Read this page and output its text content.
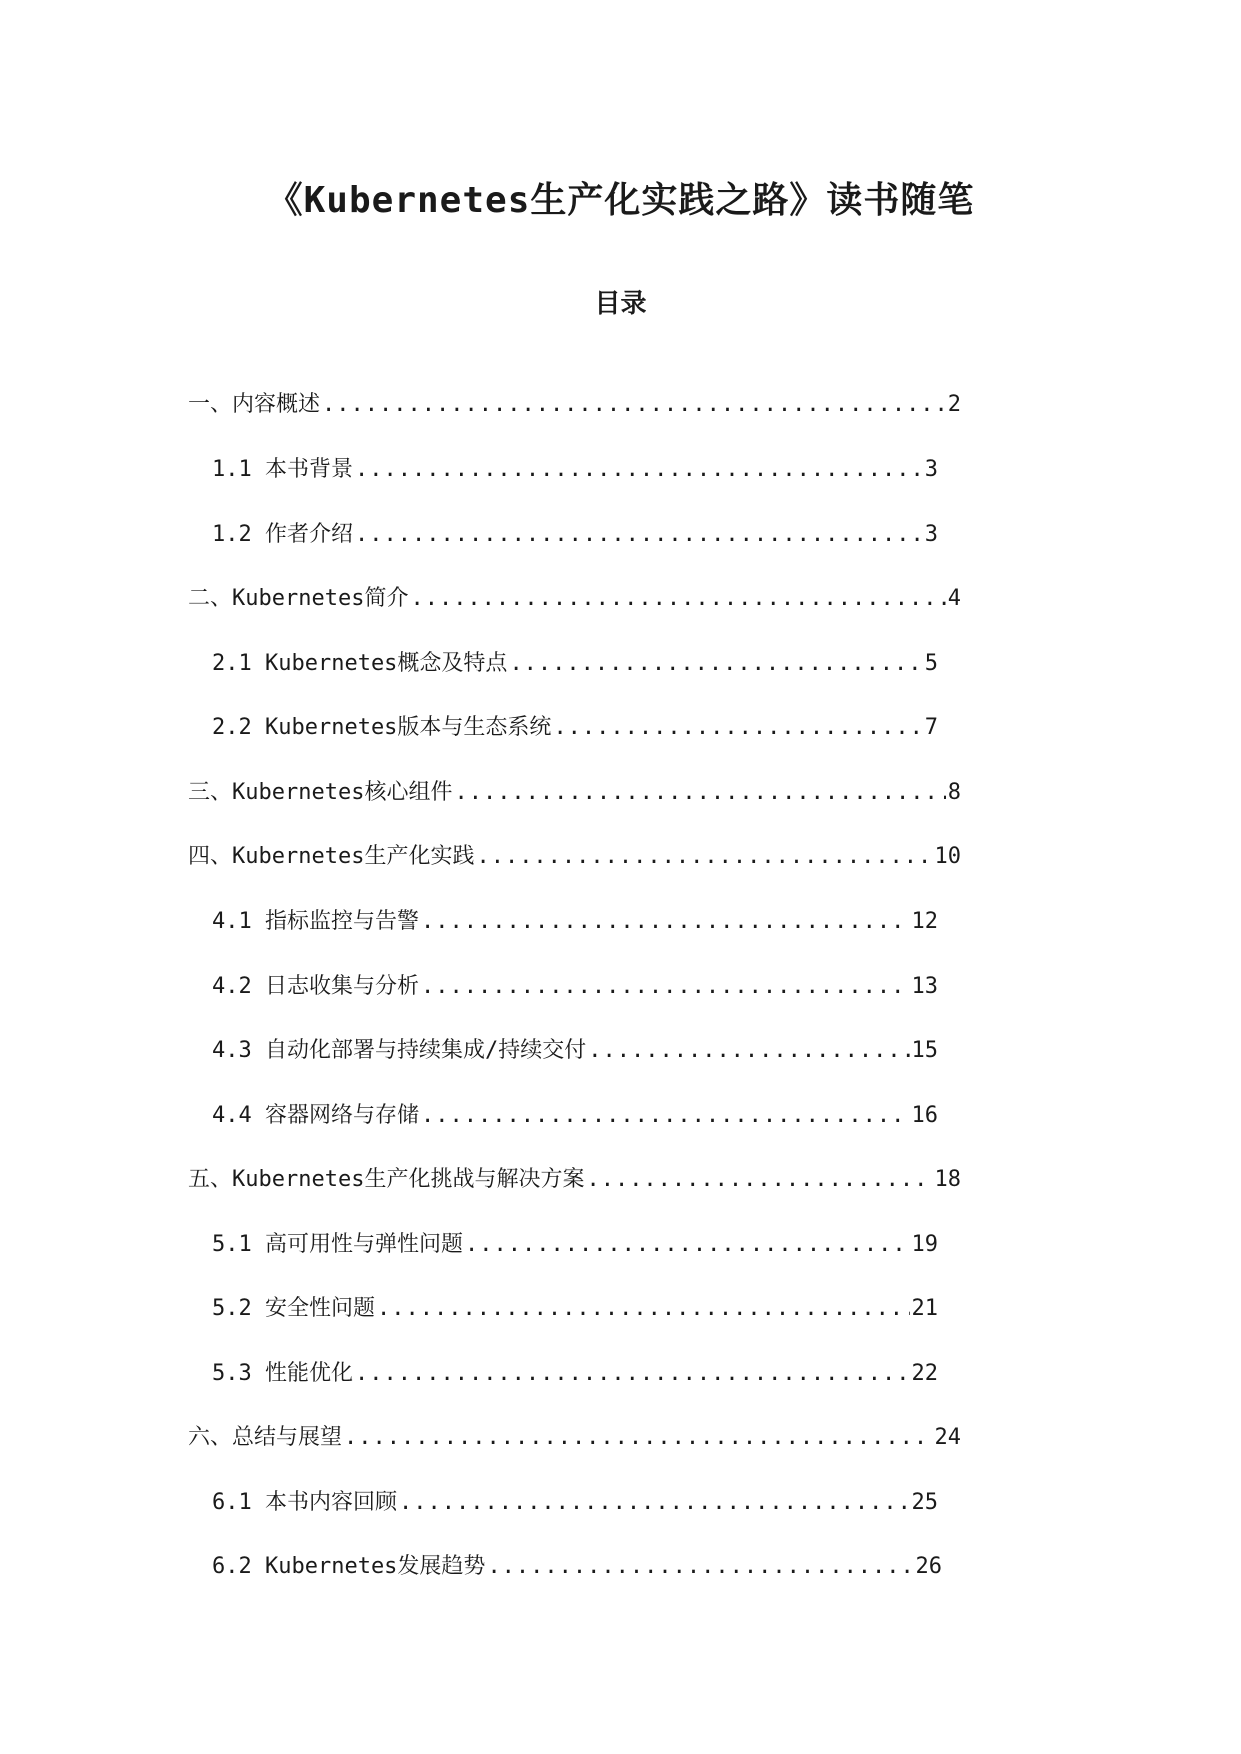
《Kubernetes生产化实践之路》读书随笔
目录
一、内容概述 .....	2
1.1 本书背景 .....	3
1.2 作者介绍 .....	3
二、Kubernetes简介 .....	4
2.1 Kubernetes概念及特点 .....	5
2.2 Kubernetes版本与生态系统 .....	7
三、Kubernetes核心组件 .....	8
四、Kubernetes生产化实践 .....	10
4.1 指标监控与告警 .....	12
4.2 日志收集与分析 .....	13
4.3 自动化部署与持续集成/持续交付 .....	15
4.4 容器网络与存储 .....	16
五、Kubernetes生产化挑战与解决方案 .....	18
5.1 高可用性与弹性问题 .....	19
5.2 安全性问题 .....	21
5.3 性能优化 .....	22
六、总结与展望 .....	24
6.1 本书内容回顾 .....	25
6.2 Kubernetes发展趋势 .....	26
